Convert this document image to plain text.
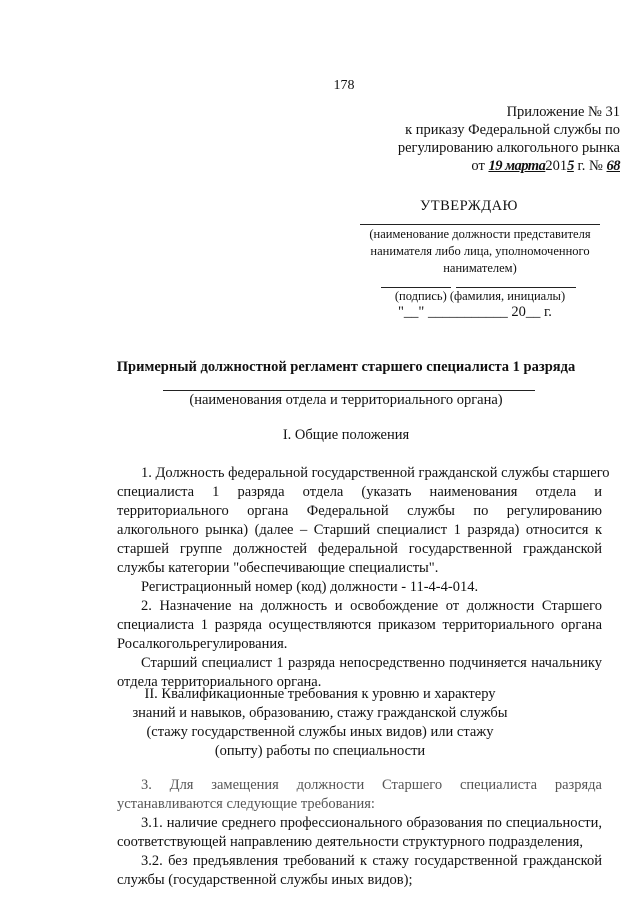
178
Приложение № 31
к приказу Федеральной службы по
регулированию алкогольного рынка
от 19 марта2015 г. № 68
УТВЕРЖДАЮ
(наименование должности представителя нанимателя либо лица, уполномоченного нанимателем)
(подпись) (фамилия, инициалы)
"__" ___________ 20__ г.
Примерный должностной регламент старшего специалиста 1 разряда
(наименования отдела и территориального органа)
I. Общие положения
1. Должность федеральной государственной гражданской службы старшего
специалиста 1 разряда отдела (указать наименования отдела и
территориального органа Федеральной службы по регулированию
алкогольного рынка) (далее – Старший специалист 1 разряда) относится к
старшей группе должностей федеральной государственной гражданской
службы категории "обеспечивающие специалисты".
Регистрационный номер (код) должности - 11-4-4-014.
2. Назначение на должность и освобождение от должности Старшего
специалиста 1 разряда осуществляются приказом территориального органа
Росалкогольрегулирования.
Старший специалист 1 разряда непосредственно подчиняется начальнику
отдела территориального органа.
II. Квалификационные требования к уровню и характеру
знаний и навыков, образованию, стажу гражданской службы
(стажу государственной службы иных видов) или стажу
(опыту) работы по специальности
3. Для замещения должности Старшего специалиста разряда
устанавливаются следующие требования:
3.1. наличие среднего профессионального образования по специальности,
соответствующей направлению деятельности структурного подразделения,
3.2. без предъявления требований к стажу государственной гражданской
службы (государственной службы иных видов);
